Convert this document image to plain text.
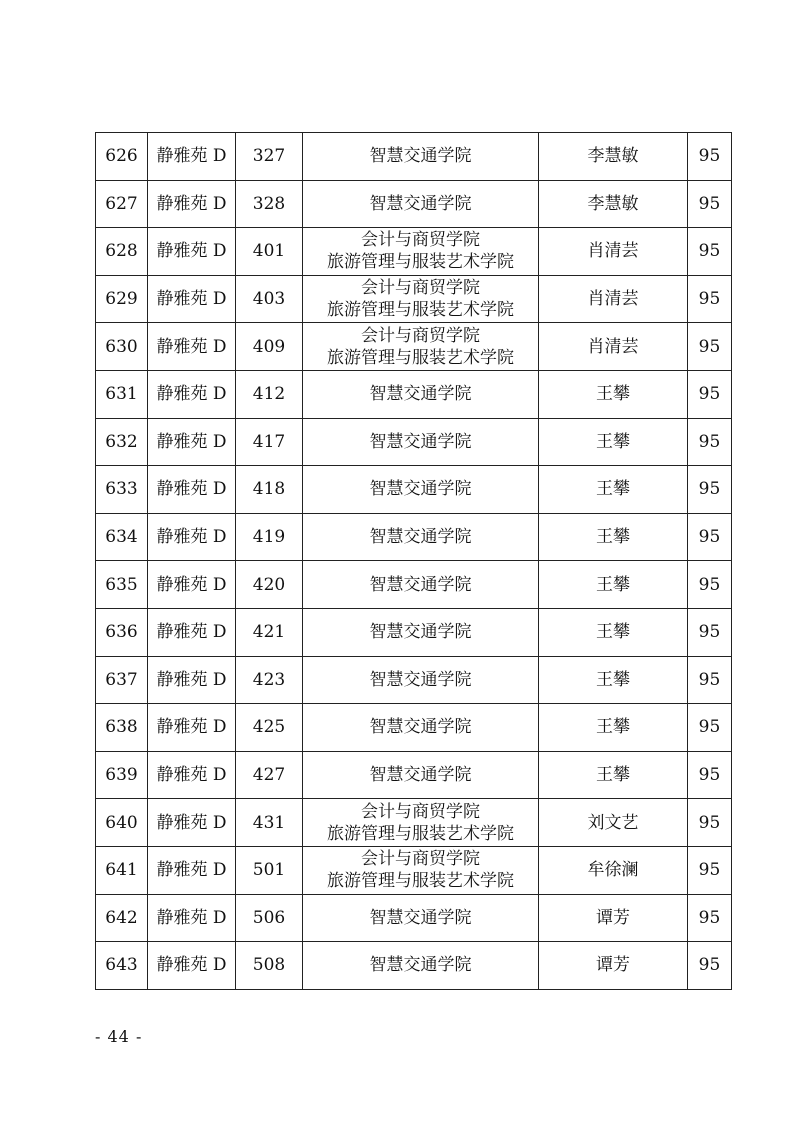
626	静雅苑 D	327	智慧交通学院	李慧敏	95
627	静雅苑 D	328	智慧交通学院	李慧敏	95
628	静雅苑 D	401	会计与商贸学院
旅游管理与服装艺术学院	肖清芸	95
629	静雅苑 D	403	会计与商贸学院
旅游管理与服装艺术学院	肖清芸	95
630	静雅苑 D	409	会计与商贸学院
旅游管理与服装艺术学院	肖清芸	95
631	静雅苑 D	412	智慧交通学院	王攀	95
632	静雅苑 D	417	智慧交通学院	王攀	95
633	静雅苑 D	418	智慧交通学院	王攀	95
634	静雅苑 D	419	智慧交通学院	王攀	95
635	静雅苑 D	420	智慧交通学院	王攀	95
636	静雅苑 D	421	智慧交通学院	王攀	95
637	静雅苑 D	423	智慧交通学院	王攀	95
638	静雅苑 D	425	智慧交通学院	王攀	95
639	静雅苑 D	427	智慧交通学院	王攀	95
640	静雅苑 D	431	会计与商贸学院
旅游管理与服装艺术学院	刘文艺	95
641	静雅苑 D	501	会计与商贸学院
旅游管理与服装艺术学院	牟徐澜	95
642	静雅苑 D	506	智慧交通学院	谭芳	95
643	静雅苑 D	508	智慧交通学院	谭芳	95
- 44 -
